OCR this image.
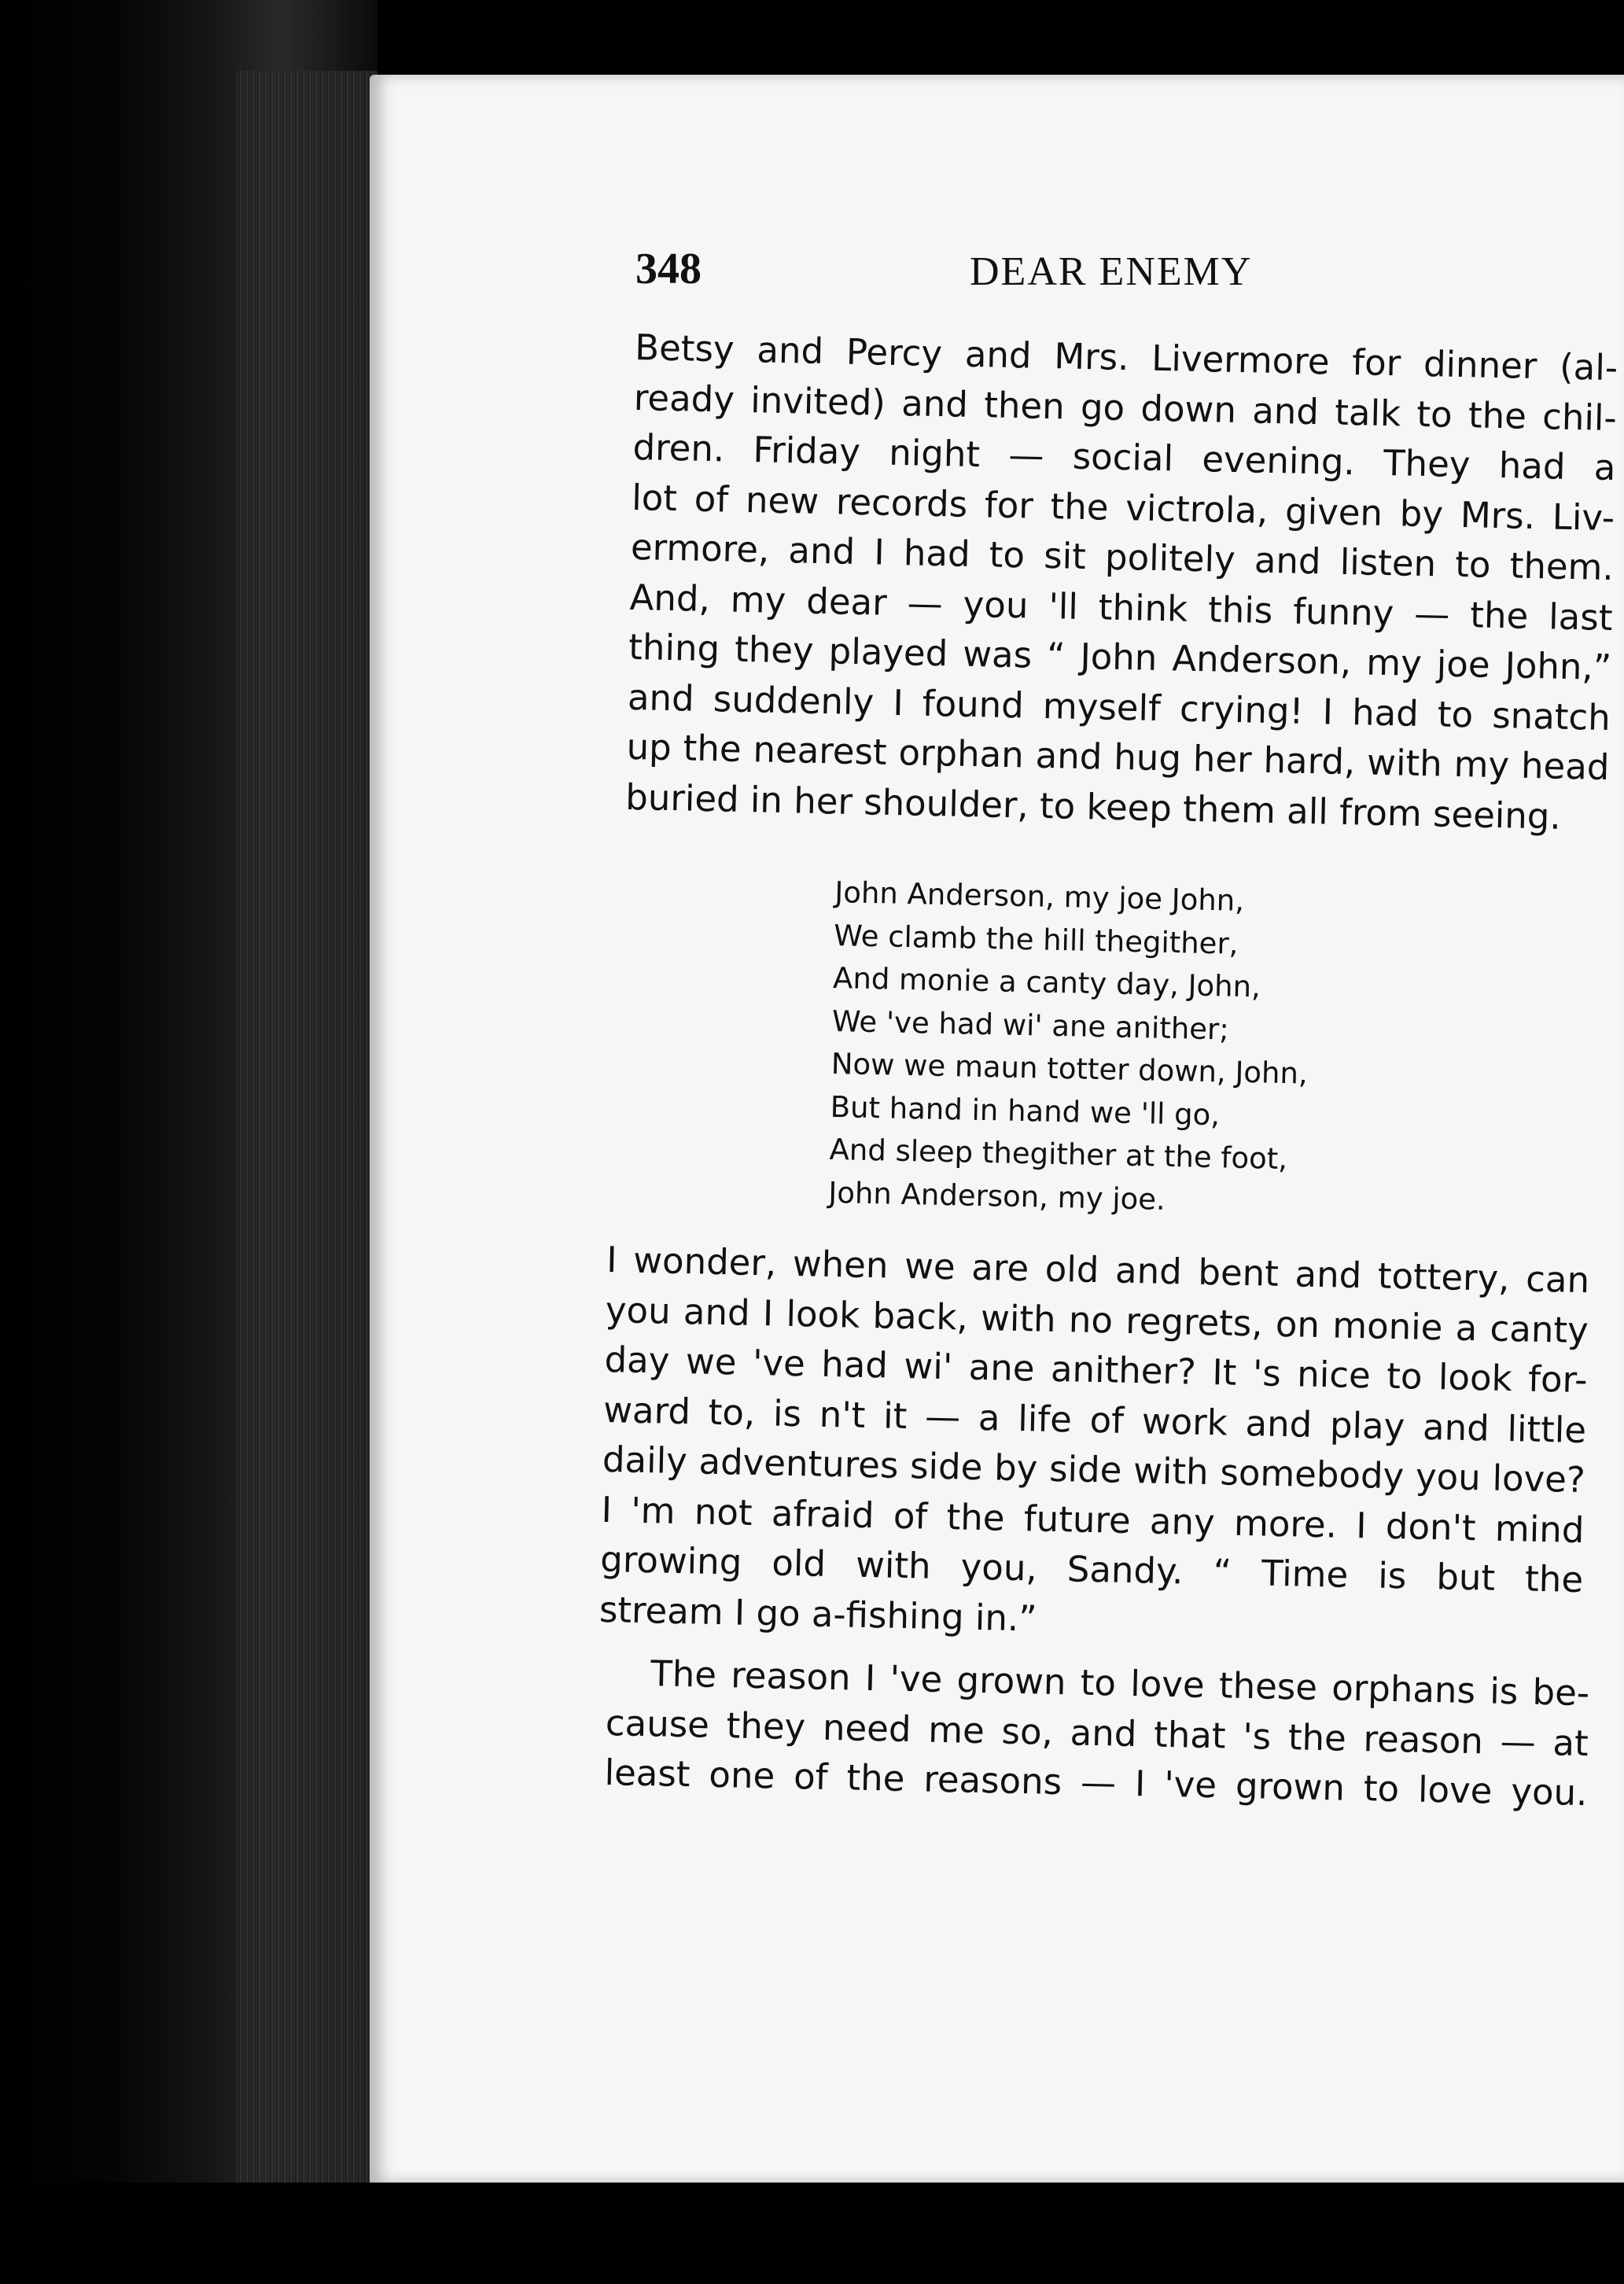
348	DEAR ENEMY
Betsy and Percy and Mrs. Livermore for dinner (al-
ready invited) and then go down and talk to the chil-
dren. Friday night — social evening. They had a
lot of new records for the victrola, given by Mrs. Liv-
ermore, and I had to sit politely and listen to them.
And, my dear — you 'll think this funny — the last
thing they played was “ John Anderson, my joe John,”
and suddenly I found myself crying! I had to snatch
up the nearest orphan and hug her hard, with my head
buried in her shoulder, to keep them all from seeing.
John Anderson, my joe John,
We clamb the hill thegither,
And monie a canty day, John,
We 've had wi' ane anither;
Now we maun totter down, John,
But hand in hand we 'll go,
And sleep thegither at the foot,
John Anderson, my joe.
I wonder, when we are old and bent and tottery, can
you and I look back, with no regrets, on monie a canty
day we 've had wi' ane anither? It 's nice to look for-
ward to, is n't it — a life of work and play and little
daily adventures side by side with somebody you love?
I 'm not afraid of the future any more. I don't mind
growing old with you, Sandy. “ Time is but the
stream I go a-fishing in.”
The reason I 've grown to love these orphans is be-
cause they need me so, and that 's the reason — at
least one of the reasons — I 've grown to love you.
